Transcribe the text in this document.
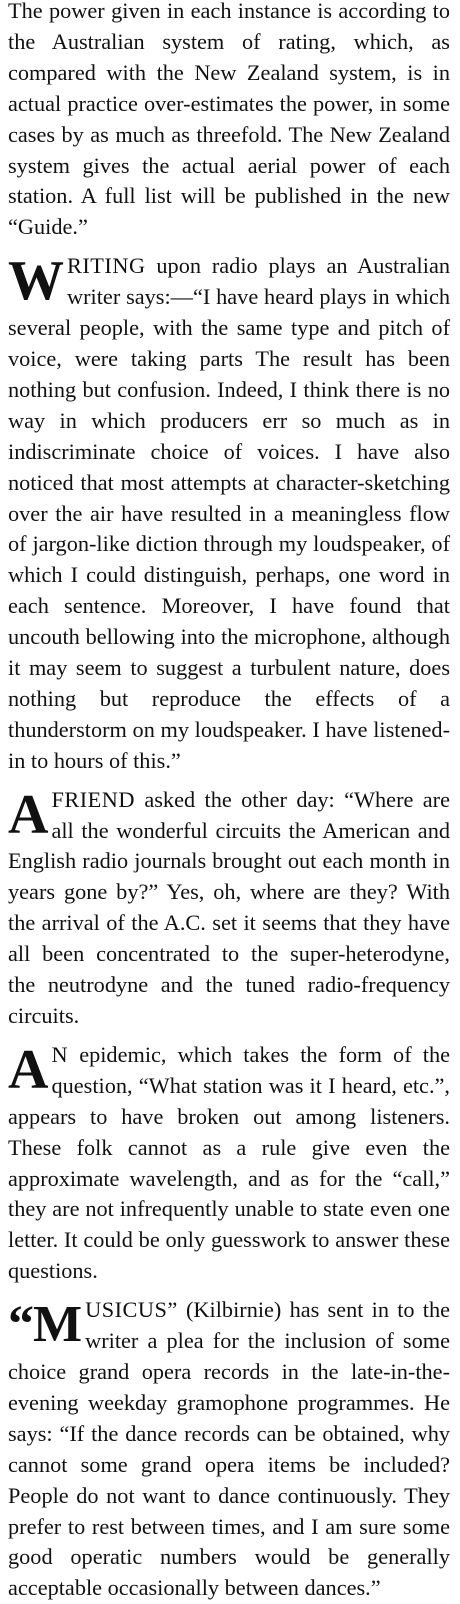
The power given in each instance is according to the Australian system of rating, which, as compared with the New Zealand system, is in actual practice over-estimates the power, in some cases by as much as threefold. The New Zealand system gives the actual aerial power of each station. A full list will be published in the new “Guide.”

WRITING upon radio plays an Australian writer says:—“I have heard plays in which several people, with the same type and pitch of voice, were taking parts The result has been nothing but confusion. Indeed, I think there is no way in which producers err so much as in indiscriminate choice of voices. I have also noticed that most attempts at character-sketching over the air have resulted in a meaningless flow of jargon-like diction through my loudspeaker, of which I could distinguish, perhaps, one word in each sentence. Moreover, I have found that uncouth bellowing into the microphone, although it may seem to suggest a turbulent nature, does nothing but reproduce the effects of a thunderstorm on my loudspeaker. I have listened-in to hours of this.”

A FRIEND asked the other day: “Where are all the wonderful circuits the American and English radio journals brought out each month in years gone by?” Yes, oh, where are they? With the arrival of the A.C. set it seems that they have all been concentrated to the super-heterodyne, the neutrodyne and the tuned radio-frequency circuits.

AN epidemic, which takes the form of the question, “What station was it I heard, etc.”, appears to have broken out among listeners. These folk cannot as a rule give even the approximate wavelength, and as for the “call,” they are not infrequently unable to state even one letter. It could be only guesswork to answer these questions.

“MUSICUS” (Kilbirnie) has sent in to the writer a plea for the inclusion of some choice grand opera records in the late-in-the-evening weekday gramophone programmes. He says: “If the dance records can be obtained, why cannot some grand opera items be included? People do not want to dance continuously. They prefer to rest between times, and I am sure some good operatic numbers would be generally acceptable occasionally between dances.”
